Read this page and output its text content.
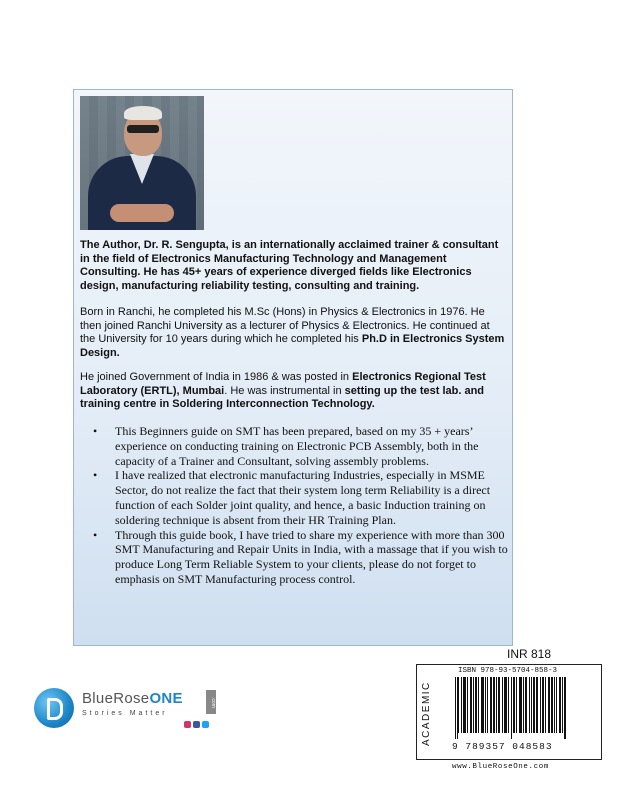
The Author, Dr. R. Sengupta, is an internationally acclaimed trainer & consultant in the field of Electronics Manufacturing Technology and Management Consulting. He has 45+ years of experience diverged fields like Electronics design, manufacturing reliability testing, consulting and training.

Born in Ranchi, he completed his M.Sc (Hons) in Physics & Electronics in 1976. He then joined Ranchi University as a lecturer of Physics & Electronics. He continued at the University for 10 years during which he completed his Ph.D in Electronics System Design.

He joined Government of India in 1986 & was posted in Electronics Regional Test Laboratory (ERTL), Mumbai. He was instrumental in setting up the test lab. and training centre in Soldering Interconnection Technology.

• This Beginners guide on SMT has been prepared, based on my 35 + years’ experience on conducting training on Electronic PCB Assembly, both in the capacity of a Trainer and Consultant, solving assembly problems.
• I have realized that electronic manufacturing Industries, especially in MSME Sector, do not realize the fact that their system long term Reliability is a direct function of each Solder joint quality, and hence, a basic Induction training on soldering technique is absent from their HR Training Plan.
• Through this guide book, I have tried to share my experience with more than 300 SMT Manufacturing and Repair Units in India, with a massage that if you wish to produce Long Term Reliable System to your clients, please do not forget to emphasis on SMT Manufacturing process control.
INR 818
BlueRoseONE
Stories Matter
.com	ACADEMIC
ISBN 978-93-5704-858-3
9 789357 048583
www.BlueRoseOne.com
